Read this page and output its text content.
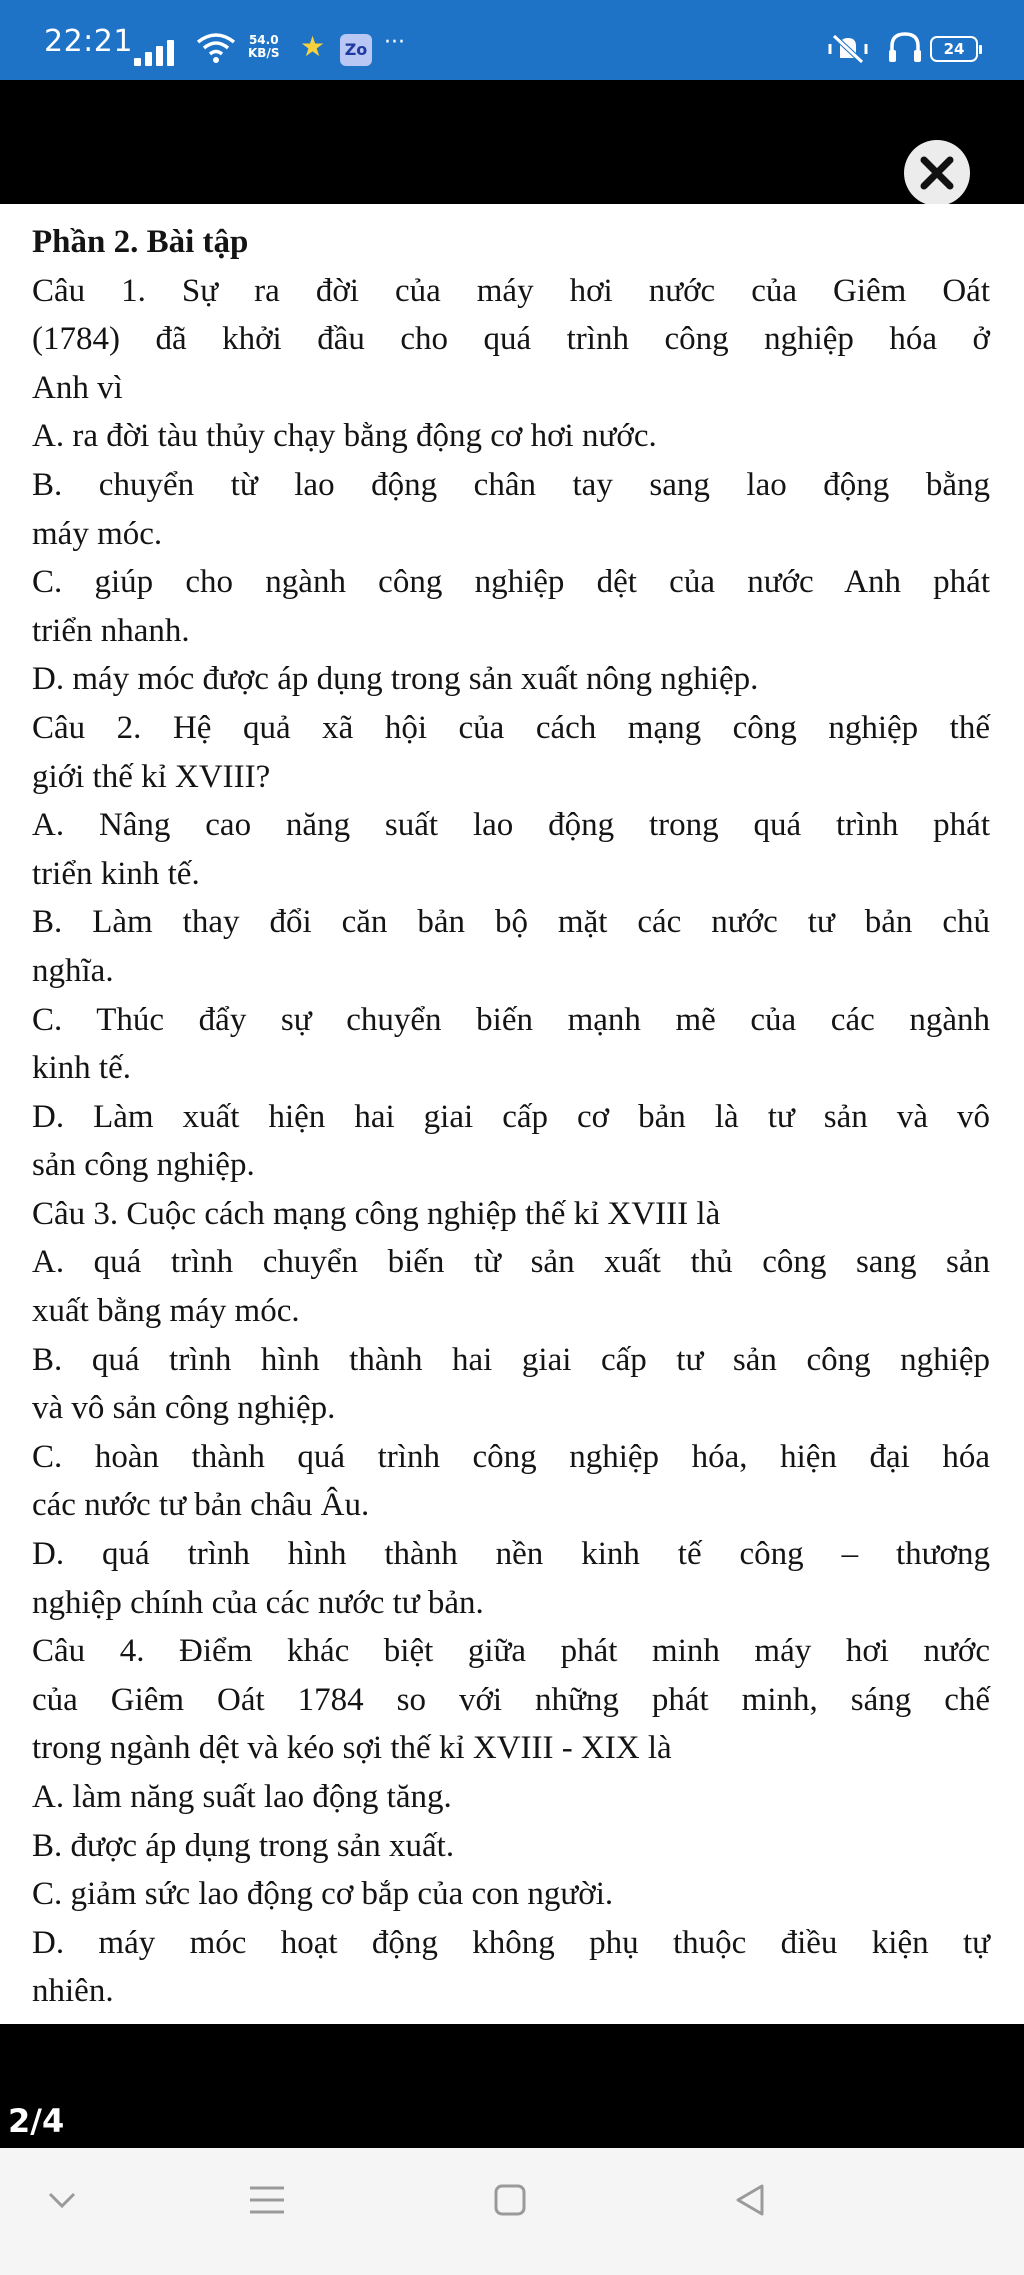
22:21	54.0
KB/S ★ Zo ···	24
Phần 2. Bài tập
Câu 1. Sự ra đời của máy hơi nước của Giêm Oát
(1784) đã khởi đầu cho quá trình công nghiệp hóa ở
Anh vì
A. ra đời tàu thủy chạy bằng động cơ hơi nước.
B. chuyển từ lao động chân tay sang lao động bằng
máy móc.
C. giúp cho ngành công nghiệp dệt của nước Anh phát
triển nhanh.
D. máy móc được áp dụng trong sản xuất nông nghiệp.
Câu 2. Hệ quả xã hội của cách mạng công nghiệp thế
giới thế kỉ XVIII?
A. Nâng cao năng suất lao động trong quá trình phát
triển kinh tế.
B. Làm thay đổi căn bản bộ mặt các nước tư bản chủ
nghĩa.
C. Thúc đẩy sự chuyển biến mạnh mẽ của các ngành
kinh tế.
D. Làm xuất hiện hai giai cấp cơ bản là tư sản và vô
sản công nghiệp.
Câu 3. Cuộc cách mạng công nghiệp thế kỉ XVIII là
A. quá trình chuyển biến từ sản xuất thủ công sang sản
xuất bằng máy móc.
B. quá trình hình thành hai giai cấp tư sản công nghiệp
và vô sản công nghiệp.
C. hoàn thành quá trình công nghiệp hóa, hiện đại hóa
các nước tư bản châu Âu.
D. quá trình hình thành nền kinh tế công – thương
nghiệp chính của các nước tư bản.
Câu 4. Điểm khác biệt giữa phát minh máy hơi nước
của Giêm Oát 1784 so với những phát minh, sáng chế
trong ngành dệt và kéo sợi thế kỉ XVIII - XIX là
A. làm năng suất lao động tăng.
B. được áp dụng trong sản xuất.
C. giảm sức lao động cơ bắp của con người.
D. máy móc hoạt động không phụ thuộc điều kiện tự
nhiên.
2/4
